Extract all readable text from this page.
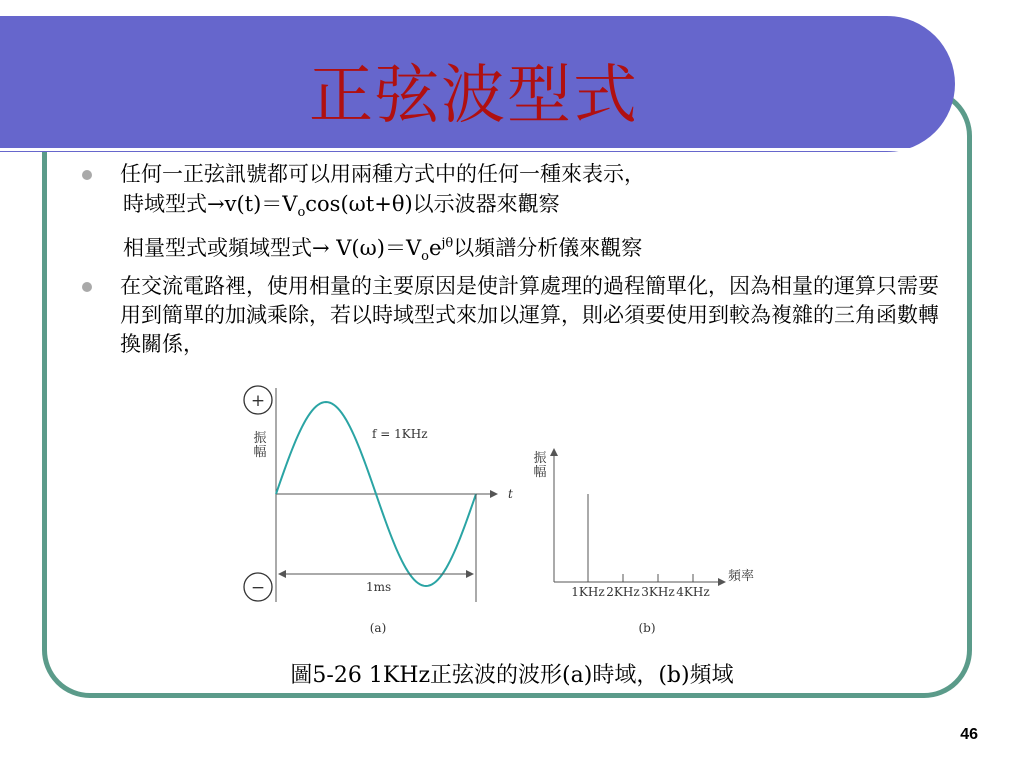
正弦波型式
任何一正弦訊號都可以用兩種方式中的任何一種來表示，
時域型式$\to v(t)=V_o\cos(\omega t+\theta)$以示波器來觀察
相量型式或頻域型式→ $V(\omega)=V_oe^{j\theta}$以頻譜分析儀來觀察
在交流電路裡，使用相量的主要原因是使計算處理的過程簡單化，因為相量的運算只需要用到簡單的加減乘除，若以時域型式來加以運算，則必須要使用到較為複雜的三角函數轉換關係，
+
−
振
幅
t
f = 1KHz
1ms
(a)
振
幅
頻率
1KHz 2KHz 3KHz 4KHz
(b)
圖5-26 1KHz正弦波的波形(a)時域，(b)頻域
46
